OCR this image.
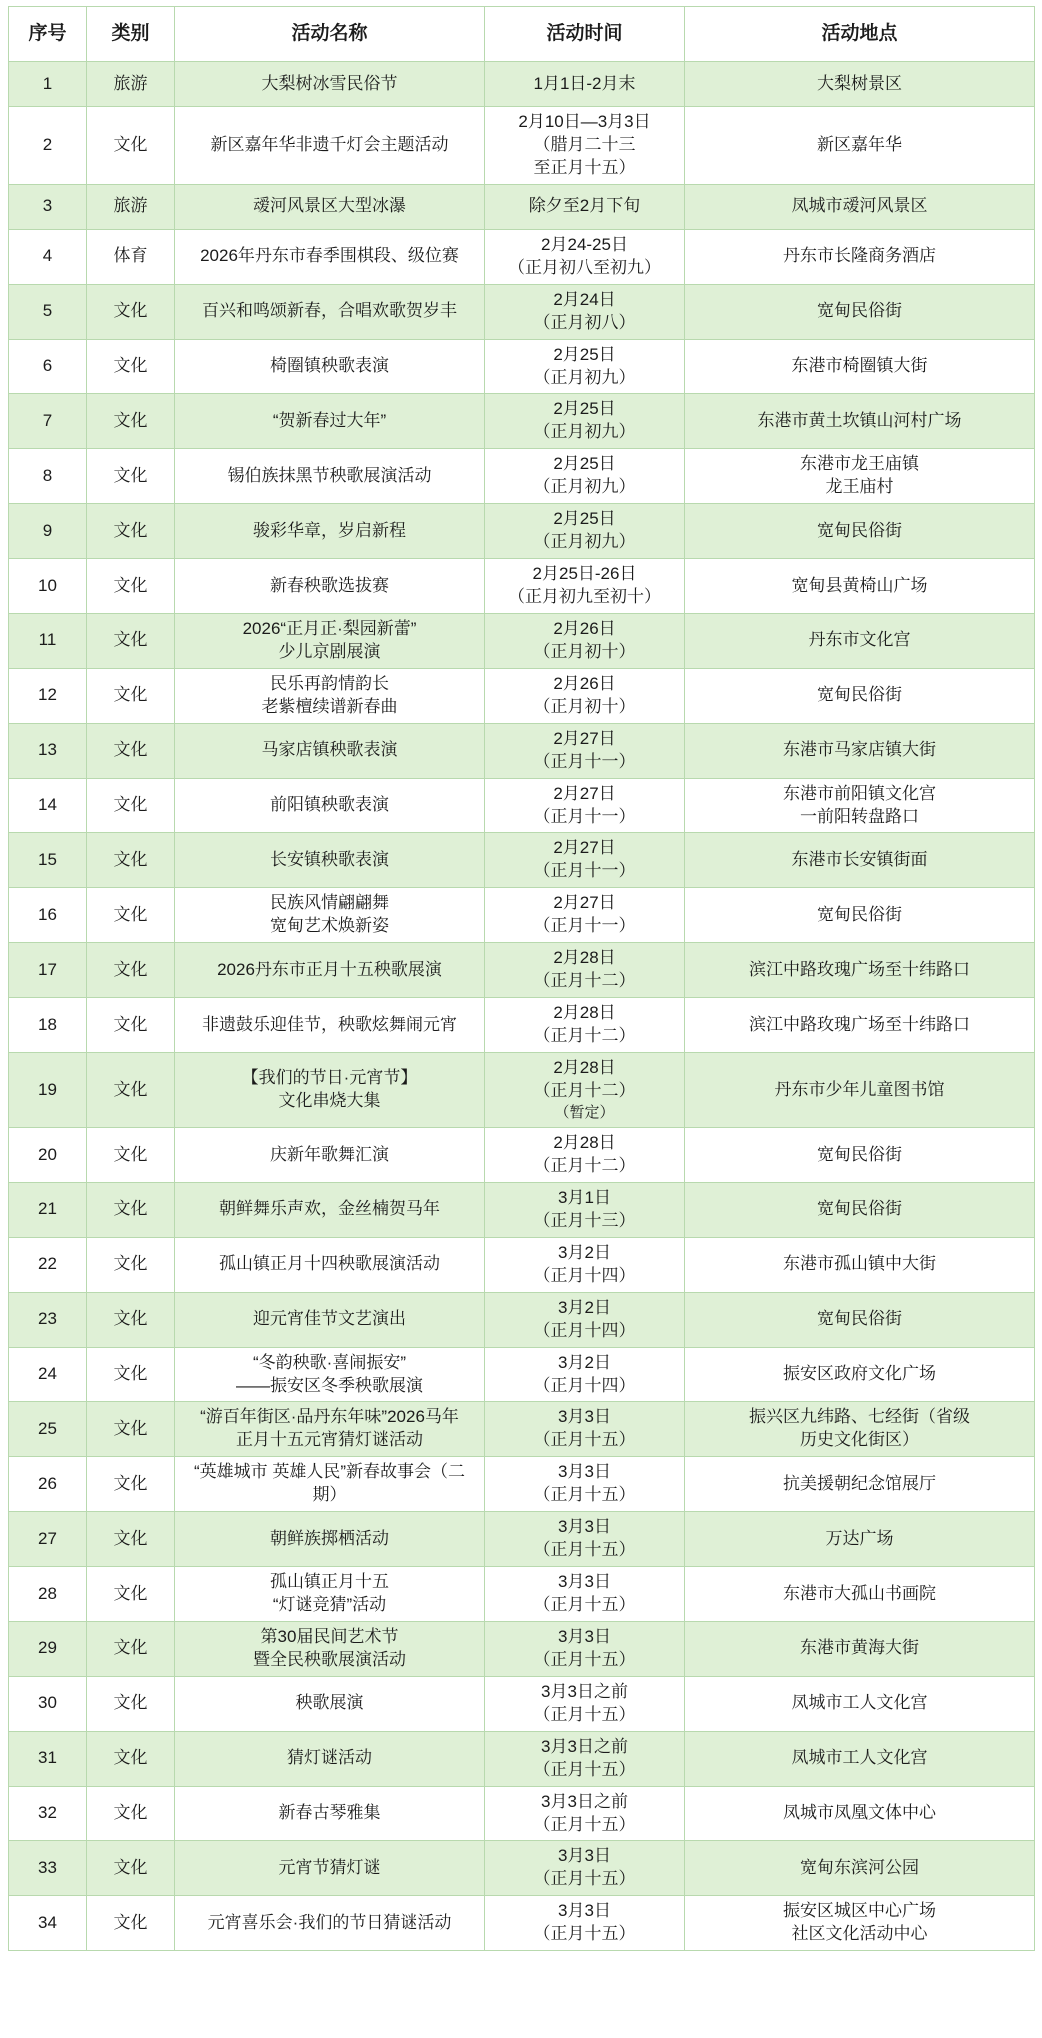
序号	类别	活动名称	活动时间	活动地点

1	旅游	大梨树冰雪民俗节	1月1日-2月末	大梨树景区

2	文化	新区嘉年华非遗千灯会主题活动	2月10日—3月3日
（腊月二十三
至正月十五）	新区嘉年华

3	旅游	叆河风景区大型冰瀑	除夕至2月下旬	凤城市叆河风景区

4	体育	2026年丹东市春季围棋段、级位赛	2月24-25日
（正月初八至初九）	丹东市长隆商务酒店

5	文化	百兴和鸣颂新春，合唱欢歌贺岁丰	2月24日
（正月初八）	宽甸民俗街

6	文化	椅圈镇秧歌表演	2月25日
（正月初九）	东港市椅圈镇大街

7	文化	“贺新春过大年”	2月25日
（正月初九）	东港市黄土坎镇山河村广场

8	文化	锡伯族抹黑节秧歌展演活动	2月25日
（正月初九）	东港市龙王庙镇
龙王庙村

9	文化	骏彩华章，岁启新程	2月25日
（正月初九）	宽甸民俗街

10	文化	新春秧歌选拔赛	2月25日-26日
（正月初九至初十）	宽甸县黄椅山广场

11	文化	2026“正月正·梨园新蕾”
少儿京剧展演	2月26日
（正月初十）	丹东市文化宫

12	文化	民乐再韵情韵长
老紫檀续谱新春曲	2月26日
（正月初十）	宽甸民俗街

13	文化	马家店镇秧歌表演	2月27日
（正月十一）	东港市马家店镇大街

14	文化	前阳镇秧歌表演	2月27日
（正月十一）	东港市前阳镇文化宫
一前阳转盘路口

15	文化	长安镇秧歌表演	2月27日
（正月十一）	东港市长安镇街面

16	文化	民族风情翩翩舞
宽甸艺术焕新姿	2月27日
（正月十一）	宽甸民俗街

17	文化	2026丹东市正月十五秧歌展演	2月28日
（正月十二）	滨江中路玫瑰广场至十纬路口

18	文化	非遗鼓乐迎佳节，秧歌炫舞闹元宵	2月28日
（正月十二）	滨江中路玫瑰广场至十纬路口

19	文化	【我们的节日·元宵节】
文化串烧大集	2月28日
（正月十二）
（暂定）	丹东市少年儿童图书馆

20	文化	庆新年歌舞汇演	2月28日
（正月十二）	宽甸民俗街

21	文化	朝鲜舞乐声欢，金丝楠贺马年	3月1日
（正月十三）	宽甸民俗街

22	文化	孤山镇正月十四秧歌展演活动	3月2日
（正月十四）	东港市孤山镇中大街

23	文化	迎元宵佳节文艺演出	3月2日
（正月十四）	宽甸民俗街

24	文化	“冬韵秧歌·喜闹振安”
——振安区冬季秧歌展演	3月2日
（正月十四）	振安区政府文化广场

25	文化	“游百年街区·品丹东年味”2026马年
正月十五元宵猜灯谜活动	3月3日
（正月十五）	振兴区九纬路、七经街（省级
历史文化街区）

26	文化	“英雄城市 英雄人民”新春故事会（二
期）	3月3日
（正月十五）	抗美援朝纪念馆展厅

27	文化	朝鲜族掷栖活动	3月3日
（正月十五）	万达广场

28	文化	孤山镇正月十五
“灯谜竞猜”活动	3月3日
（正月十五）	东港市大孤山书画院

29	文化	第30届民间艺术节
暨全民秧歌展演活动	3月3日
（正月十五）	东港市黄海大街

30	文化	秧歌展演	3月3日之前
（正月十五）	凤城市工人文化宫

31	文化	猜灯谜活动	3月3日之前
（正月十五）	凤城市工人文化宫

32	文化	新春古琴雅集	3月3日之前
（正月十五）	凤城市凤凰文体中心

33	文化	元宵节猜灯谜	3月3日
（正月十五）	宽甸东滨河公园

34	文化	元宵喜乐会·我们的节日猜谜活动	3月3日
（正月十五）	振安区城区中心广场
社区文化活动中心
